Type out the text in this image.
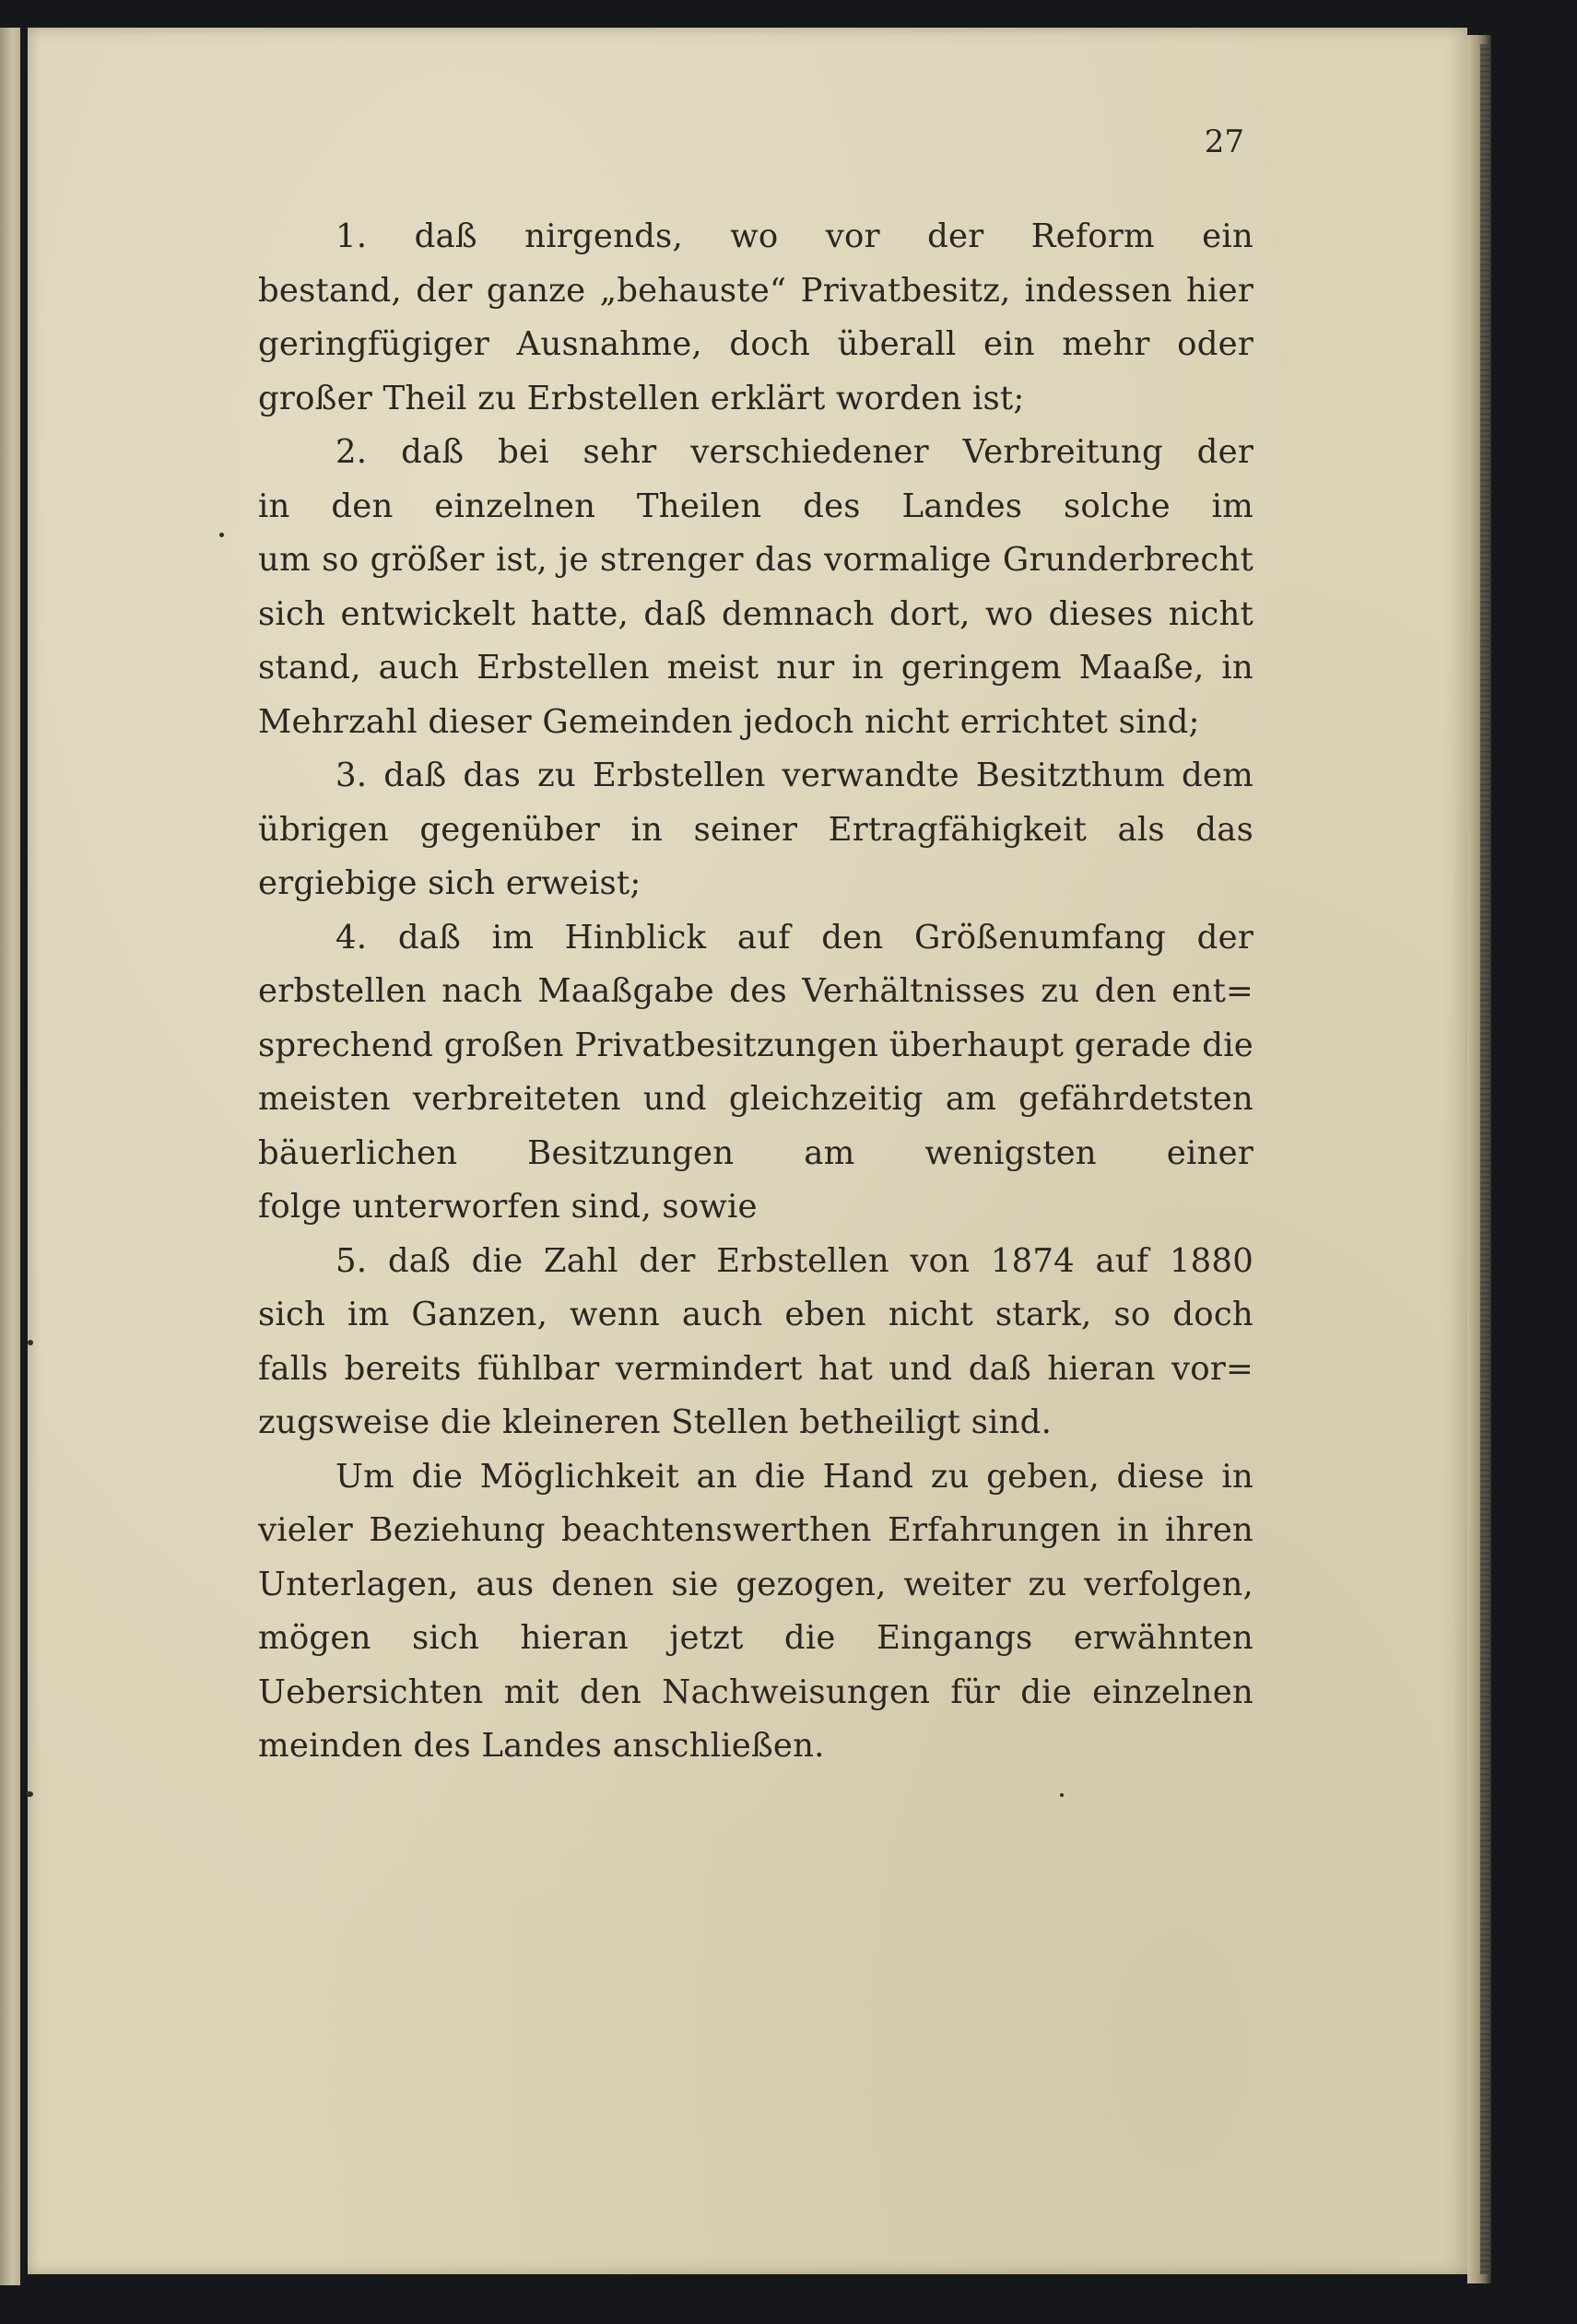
27
1. daß nirgends, wo vor der Reform ein
bestand, der ganze „behauste“ Privatbesitz, indessen hier
geringfügiger Ausnahme, doch überall ein mehr oder
großer Theil zu Erbstellen erklärt worden ist;
2. daß bei sehr verschiedener Verbreitung der
in den einzelnen Theilen des Landes solche im
um so größer ist, je strenger das vormalige Grunderbrecht
sich entwickelt hatte, daß demnach dort, wo dieses nicht
stand, auch Erbstellen meist nur in geringem Maaße, in
Mehrzahl dieser Gemeinden jedoch nicht errichtet sind;
3. daß das zu Erbstellen verwandte Besitzthum dem
übrigen gegenüber in seiner Ertragfähigkeit als das
ergiebige sich erweist;
4. daß im Hinblick auf den Größenumfang der
erbstellen nach Maaßgabe des Verhältnisses zu den ent=
sprechend großen Privatbesitzungen überhaupt gerade die
meisten verbreiteten und gleichzeitig am gefährdetsten
bäuerlichen Besitzungen am wenigsten einer
folge unterworfen sind, sowie
5. daß die Zahl der Erbstellen von 1874 auf 1880
sich im Ganzen, wenn auch eben nicht stark, so doch
falls bereits fühlbar vermindert hat und daß hieran vor=
zugsweise die kleineren Stellen betheiligt sind.
Um die Möglichkeit an die Hand zu geben, diese in
vieler Beziehung beachtenswerthen Erfahrungen in ihren
Unterlagen, aus denen sie gezogen, weiter zu verfolgen,
mögen sich hieran jetzt die Eingangs erwähnten
Uebersichten mit den Nachweisungen für die einzelnen
meinden des Landes anschließen.
